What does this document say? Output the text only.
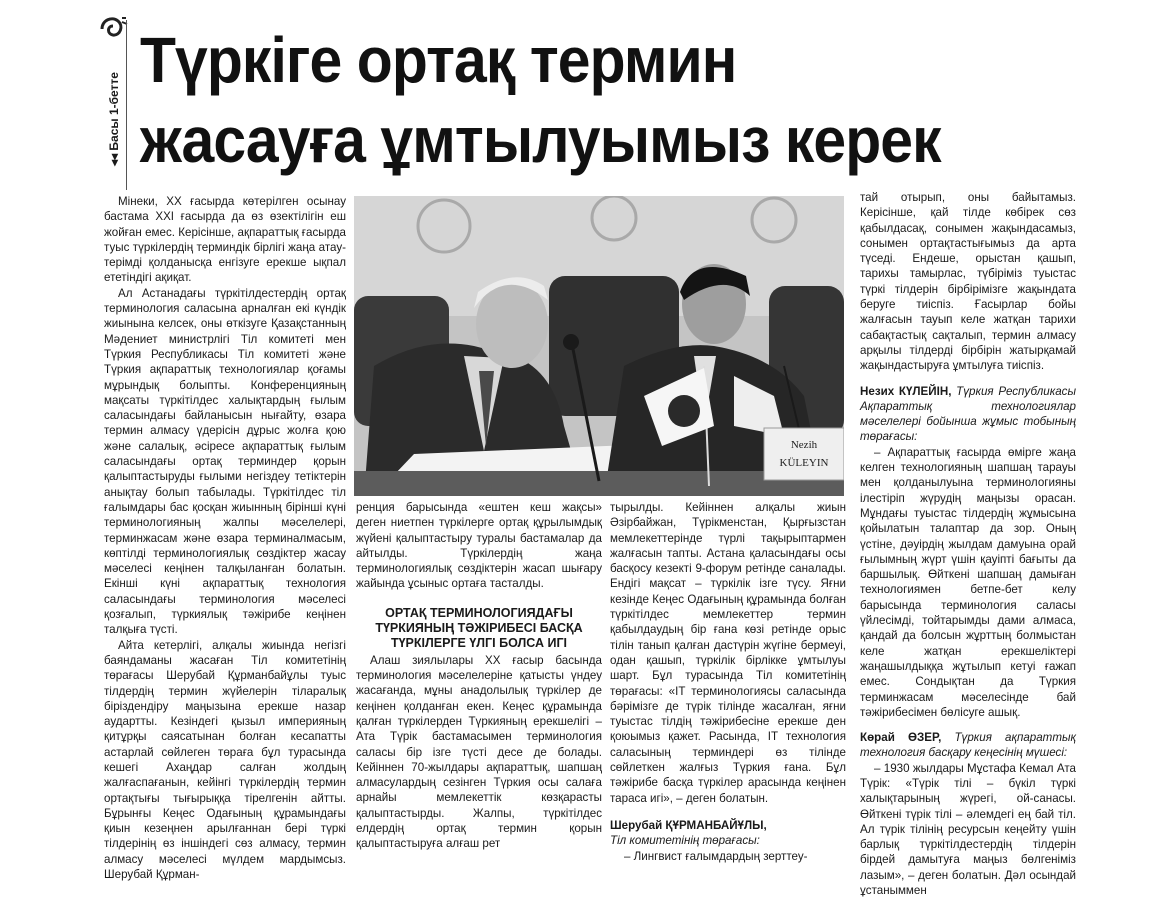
◂◂ Басы 1-бетте
Түркіге ортақ термин
жасауға ұмтылуымыз керек

Мінеки, XX ғасырда көтерілген осынау бастама XXI ғасырда да өз өзектілігін еш жойған емес. Керісінше, ақпараттық ғасырда туыс түркілердің терминдік бірлігі жаңа атау-терімді қолданысқа енгізуге ерекше ықпал ететіндігі ақиқат.

Ал Астанадағы түркітілдестердің ортақ терминология саласына арналған екі күндік жиынына келсек, оны өткізуге Қазақстанның Мәдениет министрлігі Тіл комитеті мен Түркия Республикасы Тіл комитеті және Түркия ақпараттық технологиялар қоғамы мұрындық болыпты. Конференцияның мақсаты түркітілдес халықтардың ғылым саласындағы байланысын нығайту, өзара термин алмасу үдерісін дұрыс жолға қою және салалық, әсіресе ақпараттық ғылым саласындағы ортақ терминдер қорын қалыптастыруды ғылыми негіздеу тетіктерін анықтау болып табылады. Түркітілдес тіл ғалымдары бас қосқан жиынның бірінші күні терминологияның жалпы мәселелері, терминжасам және өзара терминалмасым, көптілді терминологиялық сөздіктер жасау мәселесі кеңінен талқыланған болатын. Екінші күні ақпараттық технология саласындағы терминология мәселесі қозғалып, түркиялық тәжірибе кеңінен талқыға түсті.

Айта кетерлігі, алқалы жиында негізгі баяндаманы жасаған Тіл комитетінің төрағасы Шерубай Құрманбайұлы туыс тілдердің термин жүйелерін тіларалық біріздендіру маңызына ерекше назар аудартты. Кезіндегі қызыл империяның қитұрқы саясатынан болған кесапатты астарлай сөйлеген төраға бұл турасында кешегі Ахаңдар салған жолдың жалғаспағанын, кейінгі түркілердің термин ортақтығы тығырыққа тірелгенін айтты. Бұрынғы Кеңес Одағының құрамындағы қиын кезеңнен арылғаннан бері түркі тілдерінің өз іншіндегі сөз алмасу, термин алмасу мәселесі мүлдем мардымсыз. Шерубай Құрман-

Nezih
KÜLEYIN

ренция барысында «ештен кеш жақсы» деген ниетпен түркілерге ортақ құрылымдық жүйені қалыптастыру туралы бастамалар да айтылды. Түркілердің жаңа терминологиялық сөздіктерін жасап шығару жайында ұсыныс ортаға тасталды.

ОРТАҚ ТЕРМИНОЛОГИЯДАҒЫ ТҮРКИЯНЫҢ ТӘЖІРИБЕСІ БАСҚА ТҮРКІЛЕРГЕ ҮЛГІ БОЛСА ИГІ

Алаш зиялылары XX ғасыр басында терминология мәселелеріне қатысты үндеу жасағанда, мұны анадолылық түркілер де кеңінен қолданған екен. Кеңес құрамында қалған түркілерден Түркияның ерекшелігі – Ата Түрік бастамасымен терминология саласы бір ізге түсті десе де болады. Кейіннен 70-жылдары ақпараттық, шапшаң алмасулардың сезінген Түркия осы салаға арнайы мемлекеттік көзқарасты қалыптастырды. Жалпы, түркітілдес елдердің ортақ термин қорын қалыптастыруға алғаш рет

тырылды. Кейіннен алқалы жиын Әзірбайжан, Түрікменстан, Қырғызстан мемлекеттерінде түрлі тақырыптармен жалғасын тапты. Астана қаласындағы осы басқосу кезекті 9-форум ретінде саналады. Ендігі мақсат – түркілік ізге түсу. Яғни кезінде Кеңес Одағының құрамында болған түркітілдес мемлекеттер термин қабылдаудың бір ғана көзі ретінде орыс тілін танып қалған дастүрін жүгіне бермеуі, одан қашып, түркілік бірлікке ұмтылуы шарт. Бұл турасында Тіл комитетінің төрағасы: «IT терминологиясы саласында бәрімізге де түрік тілінде жасалған, яғни туыстас тілдің тәжірибесіне ерекше ден қоюымыз қажет. Расында, IT технология саласының терминдері өз тілінде сөйлеткен жалғыз Түркия ғана. Бұл тәжірибе басқа түркілер арасында кеңінен тараса игі», – деген болатын.

Шерубай ҚҰРМАНБАЙҰЛЫ,

Тіл комитетінің төрағасы:

– Лингвист ғалымдардың зерттеу-

тай отырып, оны байытамыз. Керісінше, қай тілде көбірек сөз қабылдасақ, сонымен жақындасамыз, сонымен ортақтастығымыз да арта түседі. Ендеше, орыстан қашып, тарихы тамырлас, түбірімiз туыстас түркі тілдерін бірбірімізге жақындата беруге тиіспіз. Ғасырлар бойы жалғасын тауып келе жатқан тарихи сабақтастық сақталып, термин алмасу арқылы тілдерді бірбірін жатырқамай жақындастыруға ұмтылуға тиіспіз.

Незих КҮЛЕЙІН, Түркия Республикасы Ақпараттық технологиялар мәселелері бойынша жұмыс тобының төрағасы:

– Ақпараттық ғасырда өмірге жаңа келген технологияның шапшаң тарауы мен қолданылуына терминологияны ілестіріп жүрудің маңызы орасан. Мұндағы туыстас тілдердің жұмысына қойылатын талаптар да зор. Оның үстіне, дәуірдің жылдам дамуына орай ғылымның жүрт үшін қауіпті бағыты да баршылық. Өйткені шапшаң дамыған технологиямен бетпе-бет келу барысында терминология саласы үйлесімді, тойтарымды дами алмаса, қандай да болсын жұрттың болмыстан келе жатқан ерекшеліктері жаңашылдыққа жұтылып кетуі ғажап емес. Сондықтан да Түркия терминжасам мәселесінде бай тәжірибесімен бөлісуге ашық.

Көрай ӨЗЕР, Түркия ақпараттық технология басқару кеңесінің мүшесі:

– 1930 жылдары Мұстафа Кемал Ата Түрік: «Түрік тілі – бүкіл түркі халықтарының жүрегі, ой-санасы. Өйткені түрік тілі – әлемдегі ең бай тіл. Ал түрік тілінің ресурсын кеңейту үшін барлық түркітілдестердің тілдерін бірдей дамытуға маңыз бөлгеніміз лазым», – деген болатын. Дәл осындай ұстаныммен
